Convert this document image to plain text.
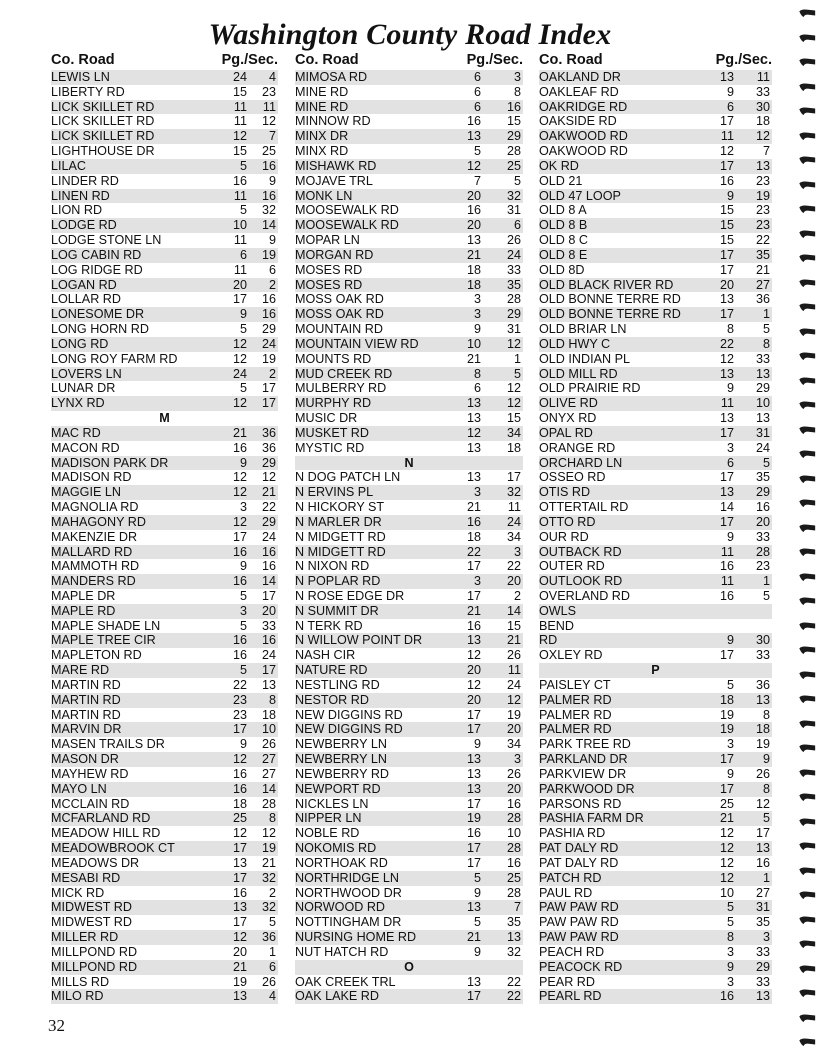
Washington County Road Index
Co. Road	Pg./Sec.
LEWIS LN	24 4
LIBERTY RD	15 23
LICK SKILLET RD	11 11
LICK SKILLET RD	11 12
LICK SKILLET RD	12 7
LIGHTHOUSE DR	15 25
LILAC	5 16
LINDER RD	16 9
LINEN RD	11 16
LION RD	5 32
LODGE RD	10 14
LODGE STONE LN	11 9
LOG CABIN RD	6 19
LOG RIDGE RD	11 6
LOGAN RD	20 2
LOLLAR RD	17 16
LONESOME DR	9 16
LONG HORN RD	5 29
LONG RD	12 24
LONG ROY FARM RD	12 19
LOVERS LN	24 2
LUNAR DR	5 17
LYNX RD	12 17
M
MAC RD	21 36
MACON RD	16 36
MADISON PARK DR	9 29
MADISON RD	12 12
MAGGIE LN	12 21
MAGNOLIA RD	3 22
MAHAGONY RD	12 29
MAKENZIE DR	17 24
MALLARD RD	16 16
MAMMOTH RD	9 16
MANDERS RD	16 14
MAPLE DR	5 17
MAPLE RD	3 20
MAPLE SHADE LN	5 33
MAPLE TREE CIR	16 16
MAPLETON RD	16 24
MARE RD	5 17
MARTIN RD	22 13
MARTIN RD	23 8
MARTIN RD	23 18
MARVIN DR	17 10
MASEN TRAILS DR	9 26
MASON DR	12 27
MAYHEW RD	16 27
MAYO LN	16 14
MCCLAIN RD	18 28
MCFARLAND RD	25 8
MEADOW HILL RD	12 12
MEADOWBROOK CT	17 19
MEADOWS DR	13 21
MESABI RD	17 32
MICK RD	16 2
MIDWEST RD	13 32
MIDWEST RD	17 5
MILLER RD	12 36
MILLPOND RD	20 1
MILLPOND RD	21 6
MILLS RD	19 26
MILO RD	13 4
Co. Road	Pg./Sec.
MIMOSA RD	6	3
MINE RD	6	8
MINE RD	6 16
MINNOW RD	16 15
MINX DR	13 29
MINX RD	5 28
MISHAWK RD	12 25
MOJAVE TRL	7	5
MONK LN	20 32
MOOSEWALK RD	16 31
MOOSEWALK RD	20	6
MOPAR LN	13 26
MORGAN RD	21 24
MOSES RD	18 33
MOSES RD	18 35
MOSS OAK RD	3 28
MOSS OAK RD	3 29
MOUNTAIN RD	9 31
MOUNTAIN VIEW RD	10 12
MOUNTS RD	21	1
MUD CREEK RD	8	5
MULBERRY RD	6 12
MURPHY RD	13 12
MUSIC DR	13 15
MUSKET RD	12 34
MYSTIC RD	13 18
N
N DOG PATCH LN	13 17
N ERVINS PL	3 32
N HICKORY ST	21 11
N MARLER DR	16 24
N MIDGETT RD	18 34
N MIDGETT RD	22	3
N NIXON RD	17 22
N POPLAR RD	3 20
N ROSE EDGE DR	17	2
N SUMMIT DR	21 14
N TERK RD	16 15
N WILLOW POINT DR	13 21
NASH CIR	12 26
NATURE RD	20 11
NESTLING RD	12 24
NESTOR RD	20 12
NEW DIGGINS RD	17 19
NEW DIGGINS RD	17 20
NEWBERRY LN	9 34
NEWBERRY LN	13	3
NEWBERRY RD	13 26
NEWPORT RD	13 20
NICKLES LN	17 16
NIPPER LN	19 28
NOBLE RD	16 10
NOKOMIS RD	17 28
NORTHOAK RD	17 16
NORTHRIDGE LN	5 25
NORTHWOOD DR	9 28
NORWOOD RD	13	7
NOTTINGHAM DR	5 35
NURSING HOME RD	21 13
NUT HATCH RD	9 32
O
OAK CREEK TRL	13 22
OAK LAKE RD	17 22
Co. Road	Pg./Sec.
OAKLAND DR	13 11
OAKLEAF RD	9 33
OAKRIDGE RD	6 30
OAKSIDE RD	17 18
OAKWOOD RD	11 12
OAKWOOD RD	12 7
OK RD	17 13
OLD 21	16 23
OLD 47 LOOP	9 19
OLD 8 A	15 23
OLD 8 B	15 23
OLD 8 C	15 22
OLD 8 E	17 35
OLD 8D	17 21
OLD BLACK RIVER RD	20 27
OLD BONNE TERRE RD	13 36
OLD BONNE TERRE RD	17 1
OLD BRIAR LN	8 5
OLD HWY C	22 8
OLD INDIAN PL	12 33
OLD MILL RD	13 13
OLD PRAIRIE RD	9 29
OLIVE RD	11 10
ONYX RD	13 13
OPAL RD	17 31
ORANGE RD	3 24
ORCHARD LN	6 5
OSSEO RD	17 35
OTIS RD	13 29
OTTERTAIL RD	14 16
OTTO RD	17 20
OUR RD	9 33
OUTBACK RD	11 28
OUTER RD	16 23
OUTLOOK RD	11 1
OVERLAND RD	16 5
OWLS
BEND
RD	9 30
OXLEY RD	17 33
P
PAISLEY CT	5 36
PALMER RD	18 13
PALMER RD	19 8
PALMER RD	19 18
PARK TREE RD	3 19
PARKLAND DR	17 9
PARKVIEW DR	9 26
PARKWOOD DR	17 8
PARSONS RD	25 12
PASHIA FARM DR	21 5
PASHIA RD	12 17
PAT DALY RD	12 13
PAT DALY RD	12 16
PATCH RD	12 1
PAUL RD	10 27
PAW PAW RD	5 31
PAW PAW RD	5 35
PAW PAW RD	8 3
PEACH RD	3 33
PEACOCK RD	9 29
PEAR RD	3 33
PEARL RD	16 13
32
